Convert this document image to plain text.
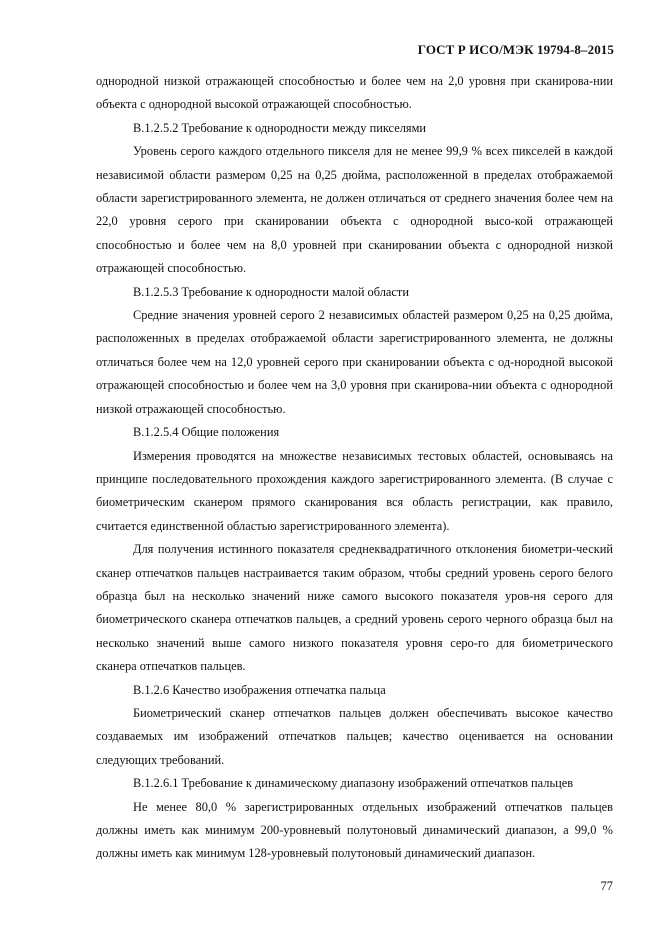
ГОСТ Р ИСО/МЭК 19794-8–2015

однородной низкой отражающей способностью и более чем на 2,0 уровня при сканирова-нии объекта с однородной высокой отражающей способностью.

В.1.2.5.2 Требование к однородности между пикселями

Уровень серого каждого отдельного пикселя для не менее 99,9 % всех пикселей в каждой независимой области размером 0,25 на 0,25 дюйма, расположенной в пределах отображаемой области зарегистрированного элемента, не должен отличаться от среднего значения более чем на 22,0 уровня серого при сканировании объекта с однородной высо-кой отражающей способностью и более чем на 8,0 уровней при сканировании объекта с однородной низкой отражающей способностью.

В.1.2.5.3 Требование к однородности малой области

Средние значения уровней серого 2 независимых областей размером 0,25 на 0,25 дюйма, расположенных в пределах отображаемой области зарегистрированного элемента, не должны отличаться более чем на 12,0 уровней серого при сканировании объекта с од-нородной высокой отражающей способностью и более чем на 3,0 уровня при сканирова-нии объекта с однородной низкой отражающей способностью.

В.1.2.5.4 Общие положения

Измерения проводятся на множестве независимых тестовых областей, основываясь на принципе последовательного прохождения каждого зарегистрированного элемента. (В случае с биометрическим сканером прямого сканирования вся область регистрации, как правило, считается единственной областью зарегистрированного элемента).

Для получения истинного показателя среднеквадратичного отклонения биометри-ческий сканер отпечатков пальцев настраивается таким образом, чтобы средний уровень серого белого образца был на несколько значений ниже самого высокого показателя уров-ня серого для биометрического сканера отпечатков пальцев, а средний уровень серого черного образца был на несколько значений выше самого низкого показателя уровня серо-го для биометрического сканера отпечатков пальцев.

В.1.2.6 Качество изображения отпечатка пальца

Биометрический сканер отпечатков пальцев должен обеспечивать высокое качество создаваемых им изображений отпечатков пальцев; качество оценивается на основании следующих требований.

В.1.2.6.1 Требование к динамическому диапазону изображений отпечатков пальцев

Не менее 80,0 % зарегистрированных отдельных изображений отпечатков пальцев должны иметь как минимум 200-уровневый полутоновый динамический диапазон, а 99,0 % должны иметь как минимум 128-уровневый полутоновый динамический диапазон.

77
